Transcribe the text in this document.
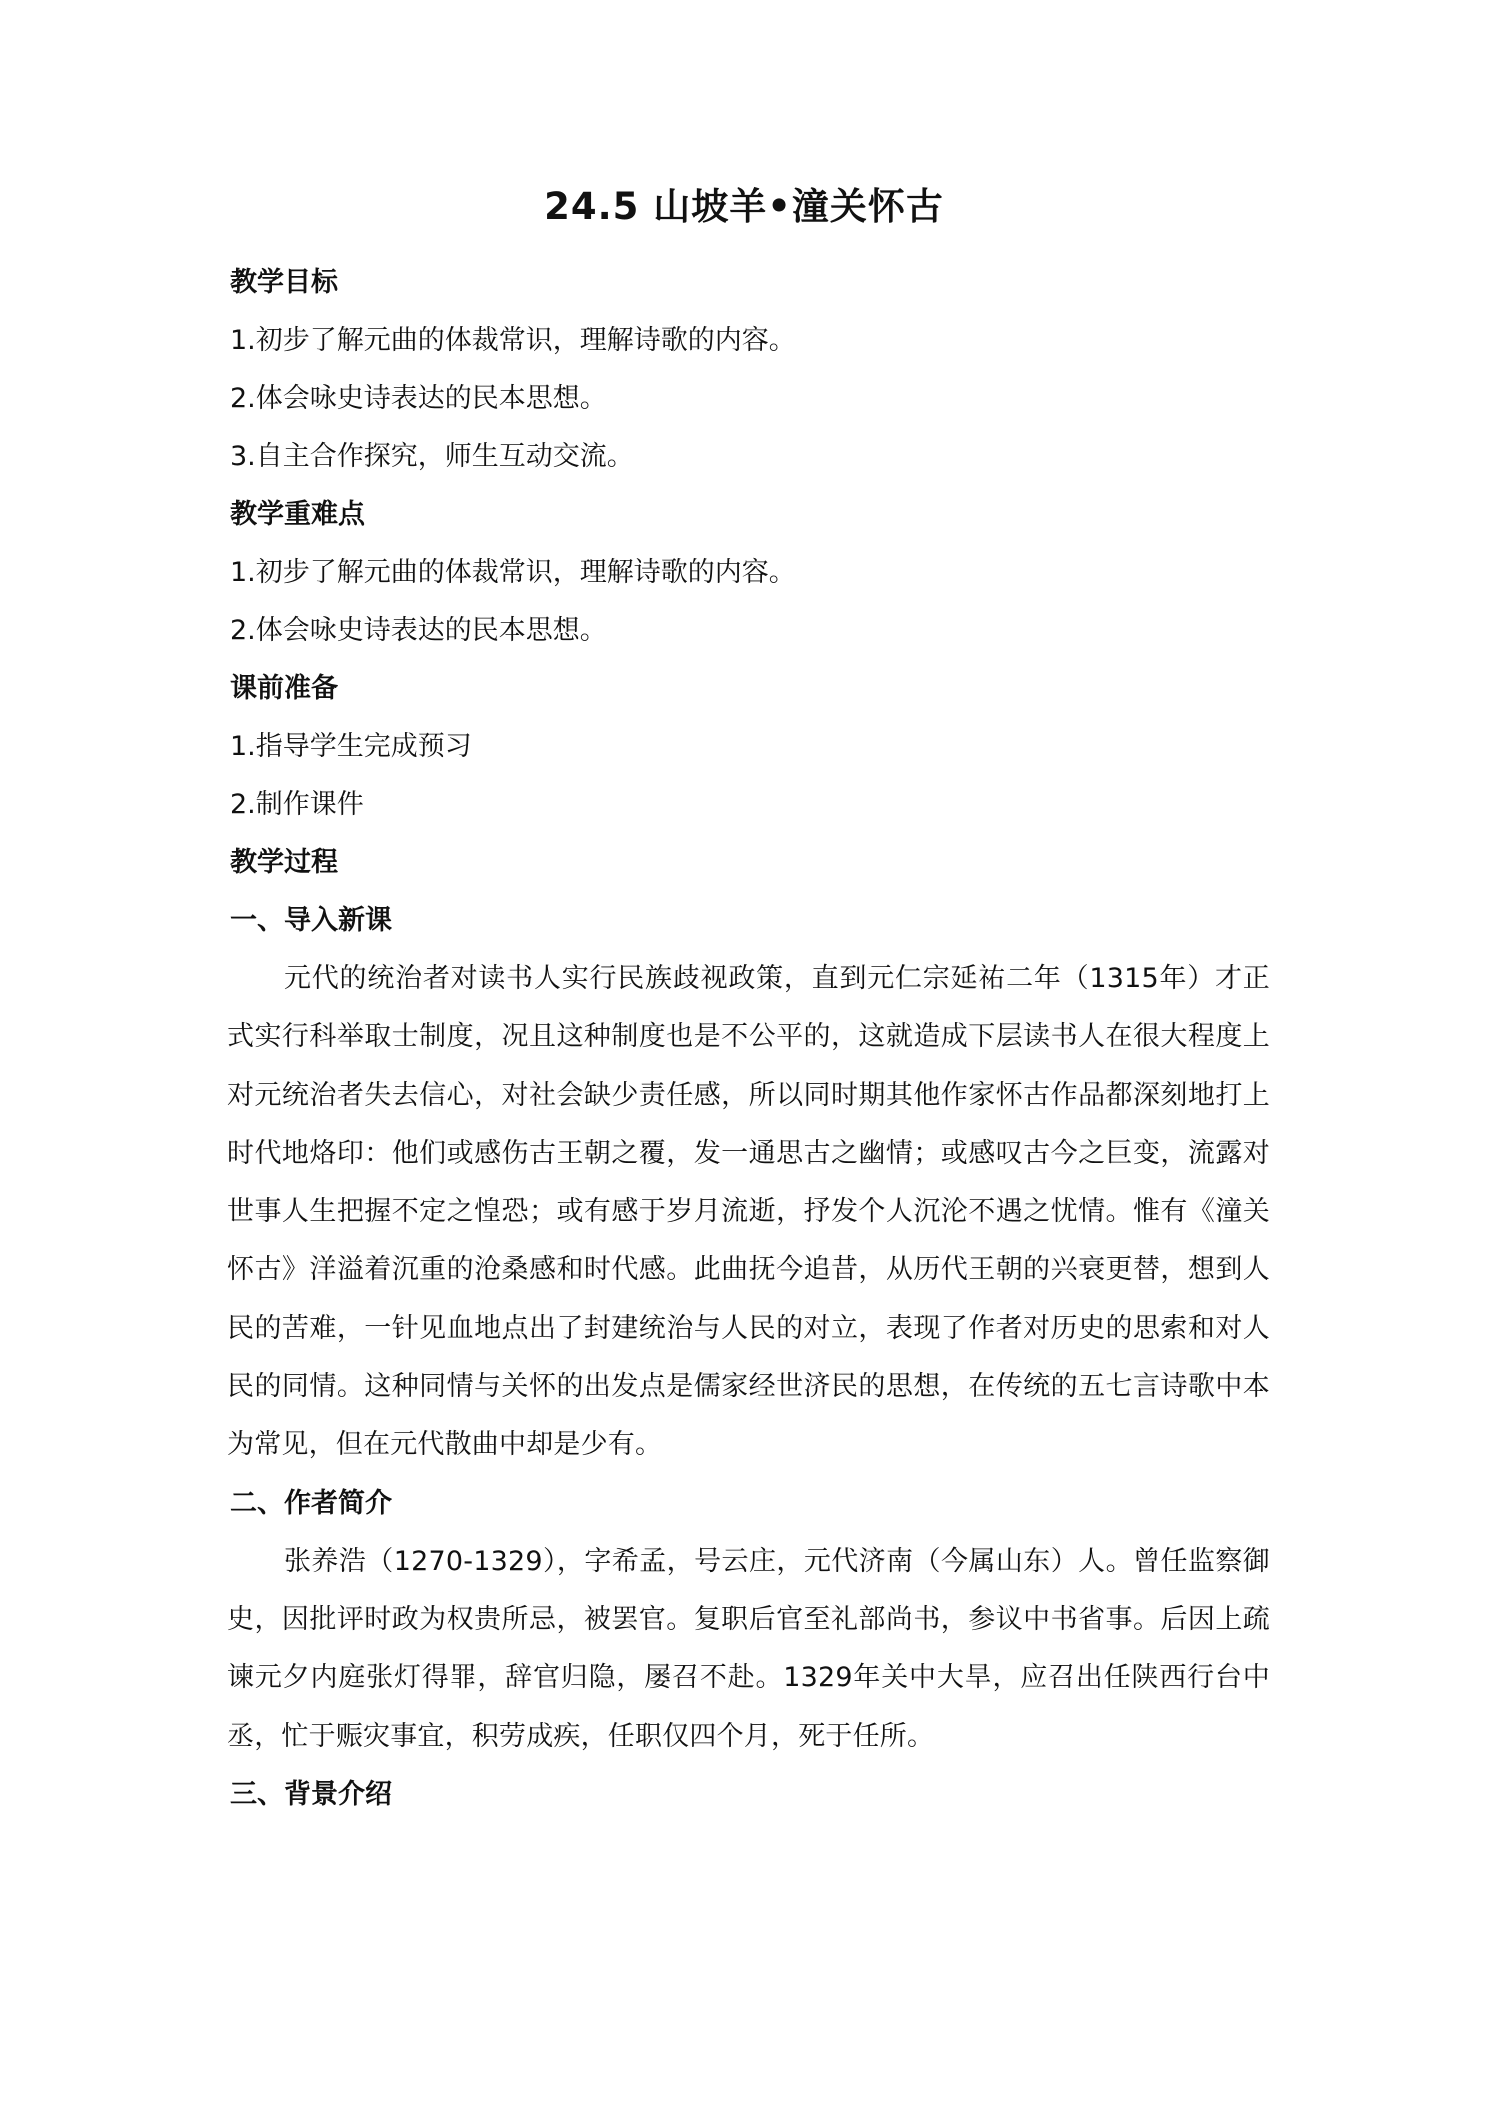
24.5 山坡羊•潼关怀古
教学目标
1.初步了解元曲的体裁常识，理解诗歌的内容。
2.体会咏史诗表达的民本思想。
3.自主合作探究，师生互动交流。
教学重难点
1.初步了解元曲的体裁常识，理解诗歌的内容。
2.体会咏史诗表达的民本思想。
课前准备
1.指导学生完成预习
2.制作课件
教学过程
一、导入新课

元代的统治者对读书人实行民族歧视政策，直到元仁宗延祐二年（1315年）才正式实行科举取士制度，况且这种制度也是不公平的，这就造成下层读书人在很大程度上对元统治者失去信心，对社会缺少责任感，所以同时期其他作家怀古作品都深刻地打上时代地烙印：他们或感伤古王朝之覆，发一通思古之幽情；或感叹古今之巨变，流露对世事人生把握不定之惶恐；或有感于岁月流逝，抒发个人沉沦不遇之忧情。惟有《潼关怀古》洋溢着沉重的沧桑感和时代感。此曲抚今追昔，从历代王朝的兴衰更替，想到人民的苦难，一针见血地点出了封建统治与人民的对立，表现了作者对历史的思索和对人民的同情。这种同情与关怀的出发点是儒家经世济民的思想，在传统的五七言诗歌中本为常见，但在元代散曲中却是少有。

二、作者简介

张养浩（1270-1329），字希孟，号云庄，元代济南（今属山东）人。曾任监察御史，因批评时政为权贵所忌，被罢官。复职后官至礼部尚书，参议中书省事。后因上疏谏元夕内庭张灯得罪，辞官归隐，屡召不赴。1329年关中大旱，应召出任陕西行台中丞，忙于赈灾事宜，积劳成疾，任职仅四个月，死于任所。

三、背景介绍
